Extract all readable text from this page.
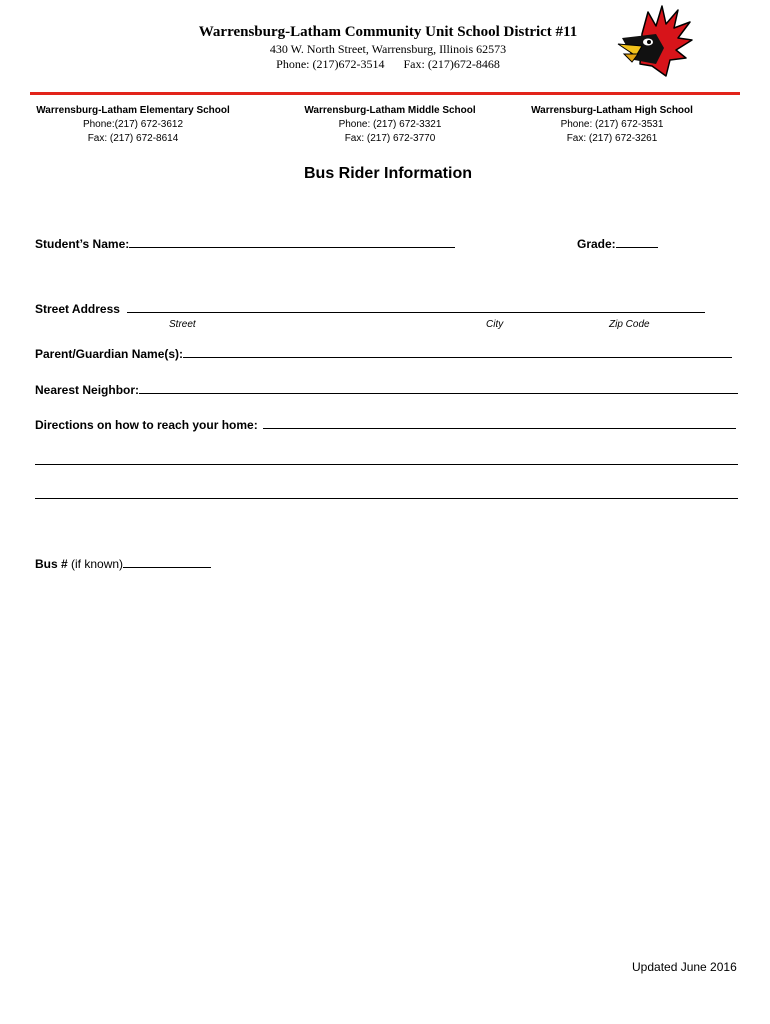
Warrensburg-Latham Community Unit School District #11
430 W. North Street, Warrensburg, Illinois 62573
Phone: (217)672-3514 Fax: (217)672-8468
Warrensburg-Latham Elementary School
Phone:(217) 672-3612
Fax: (217) 672-8614
Warrensburg-Latham Middle School
Phone: (217) 672-3321
Fax: (217) 672-3770
Warrensburg-Latham High School
Phone: (217) 672-3531
Fax: (217) 672-3261
Bus Rider Information
Student’s Name:	Grade:
Street Address
Street	City	Zip Code
Parent/Guardian Name(s):
Nearest Neighbor:
Directions on how to reach your home:
Bus # (if known)
Updated June 2016
